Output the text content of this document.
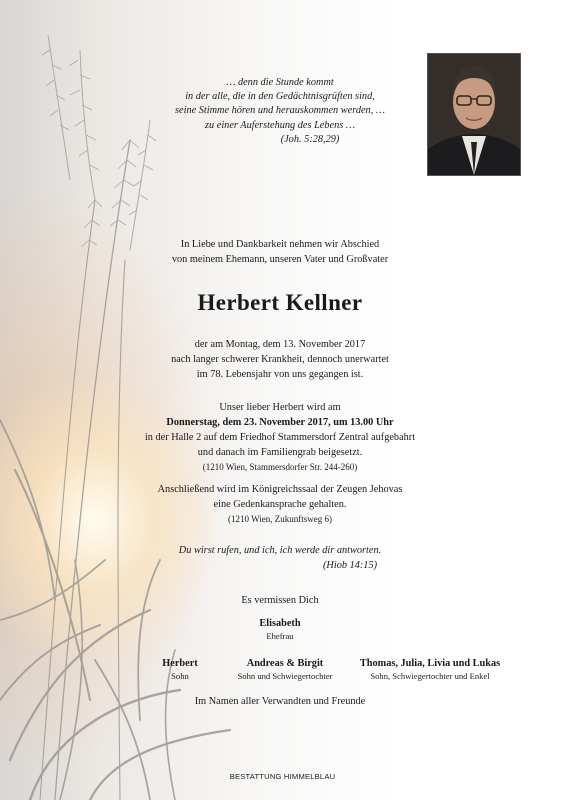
… denn die Stunde kommt
in der alle, die in den Gedächtnisgrüften sind,
seine Stimme hören und herauskommen werden, …
zu einer Auferstehung des Lebens …
(Joh. 5:28,29)
In Liebe und Dankbarkeit nehmen wir Abschied
von meinem Ehemann, unseren Vater und Großvater
Herbert Kellner
der am Montag, dem 13. November 2017
nach langer schwerer Krankheit, dennoch unerwartet
im 78. Lebensjahr von uns gegangen ist.
Unser lieber Herbert wird am
Donnerstag, dem 23. November 2017, um 13.00 Uhr
in der Halle 2 auf dem Friedhof Stammersdorf Zentral aufgebahrt
und danach im Familiengrab beigesetzt.
(1210 Wien, Stammersdorfer Str. 244-260)
Anschließend wird im Königreichssaal der Zeugen Jehovas
eine Gedenkansprache gehalten.
(1210 Wien, Zukunftsweg 6)
Du wirst rufen, und ich, ich werde dir antworten.
(Hiob 14:15)
Es vermissen Dich
Elisabeth
Ehefrau
Herbert
Sohn
Andreas & Birgit
Sohn und Schwiegertochter
Thomas, Julia, Livia und Lukas
Sohn, Schwiegertochter und Enkel
Im Namen aller Verwandten und Freunde
BESTATTUNG HIMMELBLAU
